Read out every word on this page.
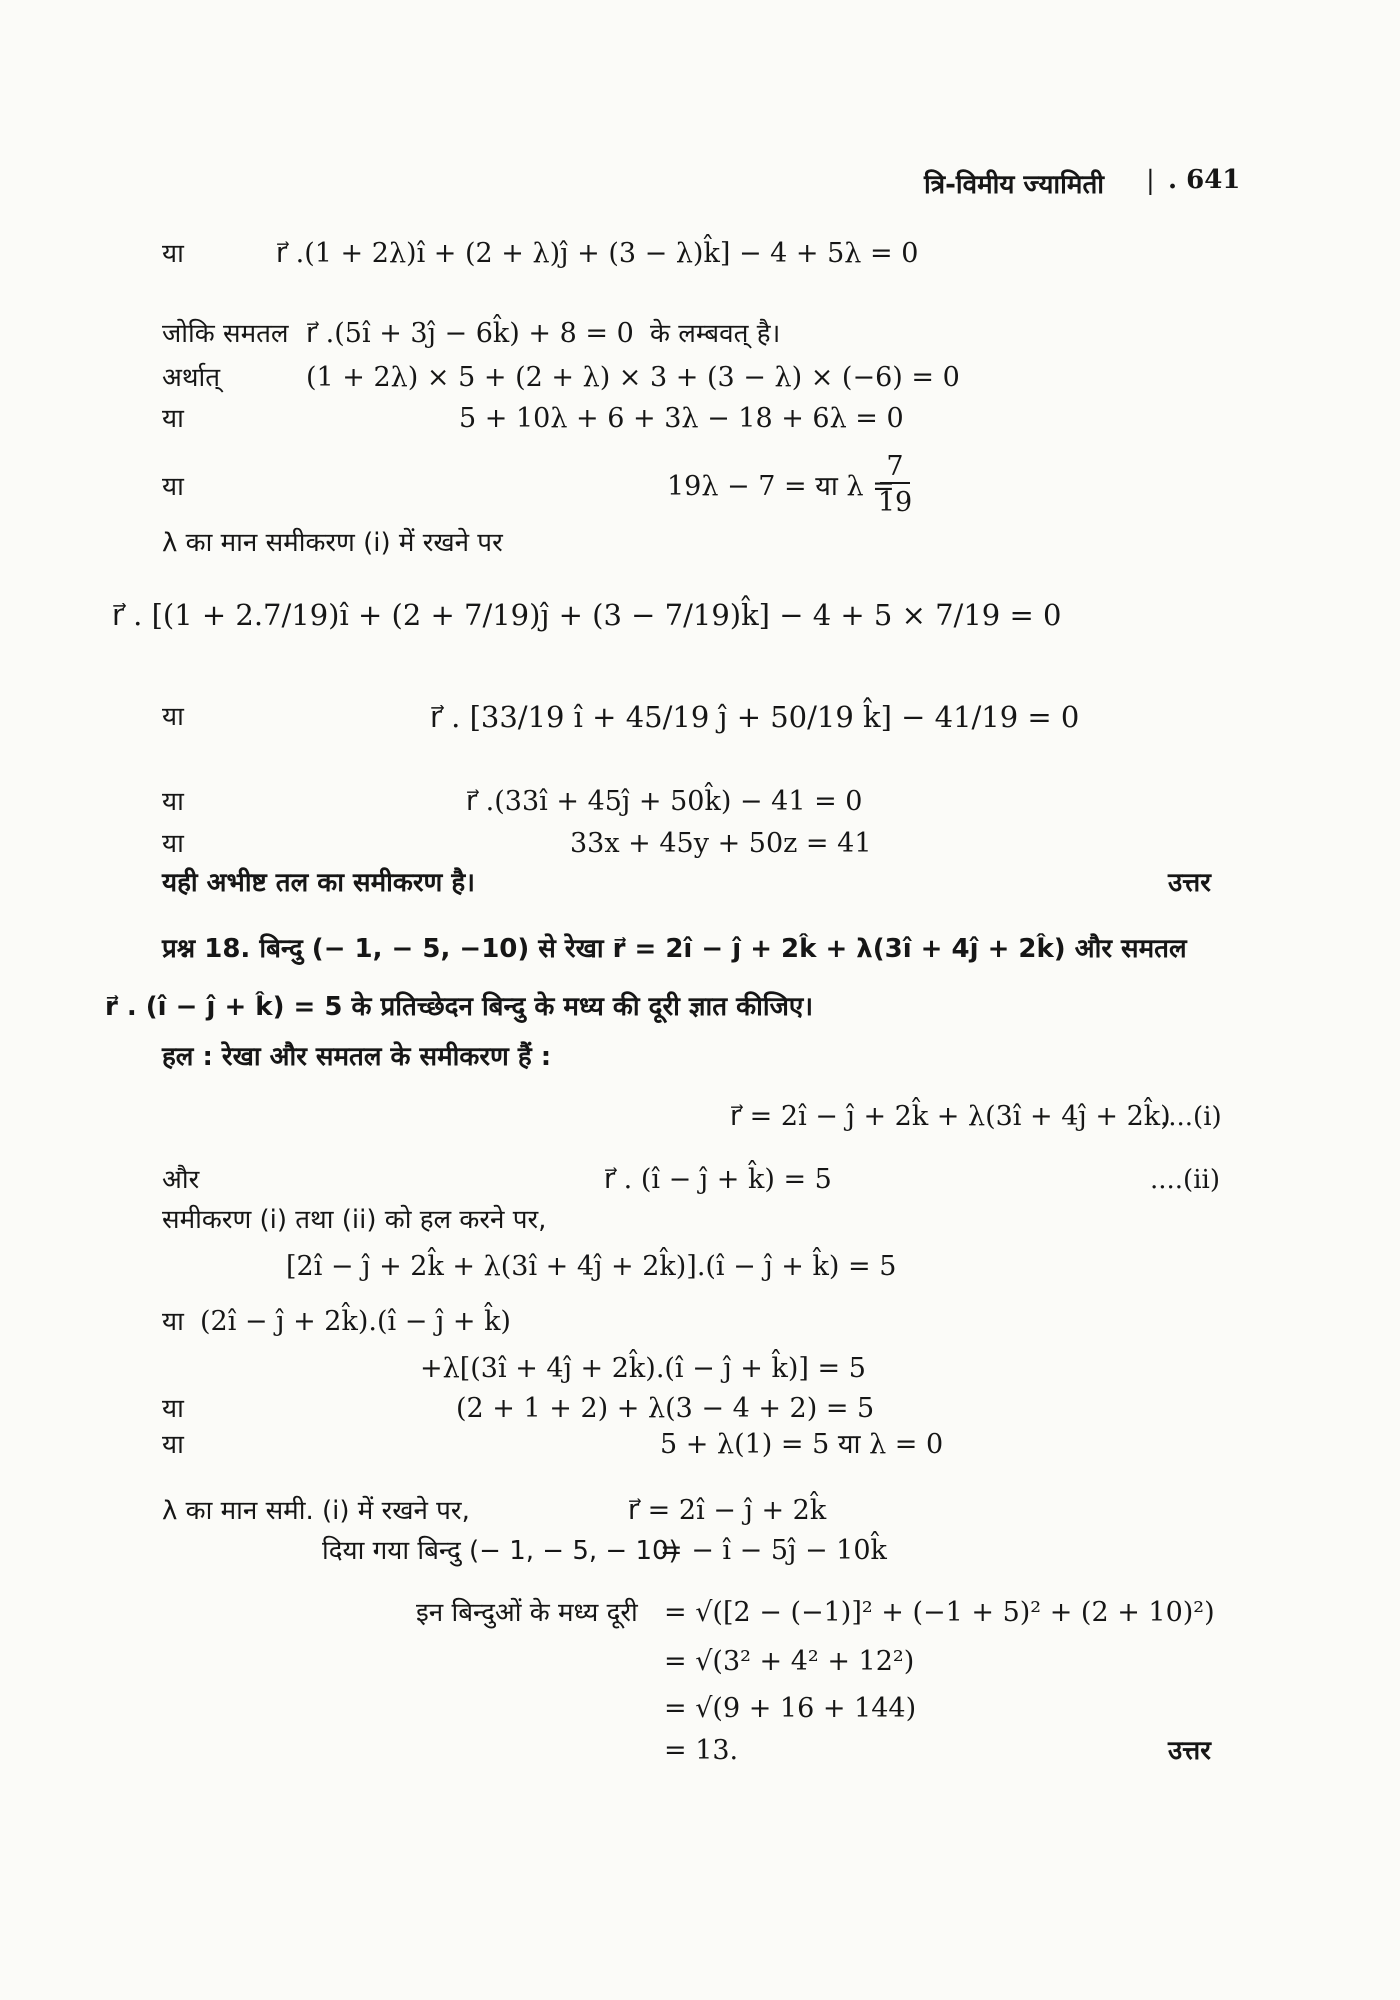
त्रि-विमीय ज्यामिती | . 641
या	r⃗ .(1 + 2λ)î + (2 + λ)ĵ + (3 − λ)k̂] − 4 + 5λ = 0
जोकि समतल r⃗ .(5î + 3ĵ − 6k̂) + 8 = 0 के लम्बवत् है।
अर्थात्	(1 + 2λ) × 5 + (2 + λ) × 3 + (3 − λ) × (−6) = 0
या	5 + 10λ + 6 + 3λ − 18 + 6λ = 0
या	19λ − 7 = या λ =
7
19
λ का मान समीकरण (i) में रखने पर
r⃗ . [(1 + 2.7/19)î + (2 + 7/19)ĵ + (3 − 7/19)k̂] − 4 + 5 × 7/19 = 0
या	r⃗ . [33/19 î + 45/19 ĵ + 50/19 k̂] − 41/19 = 0
या	r⃗ .(33î + 45ĵ + 50k̂) − 41 = 0
या	33x + 45y + 50z = 41
यही अभीष्ट तल का समीकरण है।	उत्तर
प्रश्न 18. बिन्दु (− 1, − 5, −10) से रेखा r⃗ = 2î − ĵ + 2k̂ + λ(3î + 4ĵ + 2k̂) और समतल
r⃗ . (î − ĵ + k̂) = 5 के प्रतिच्छेदन बिन्दु के मध्य की दूरी ज्ञात कीजिए।
हल : रेखा और समतल के समीकरण हैं :
r⃗ = 2î − ĵ + 2k̂ + λ(3î + 4ĵ + 2k̂)
....(i)
और	r⃗ . (î − ĵ + k̂) = 5	....(ii)
समीकरण (i) तथा (ii) को हल करने पर,
[2î − ĵ + 2k̂ + λ(3î + 4ĵ + 2k̂)].(î − ĵ + k̂) = 5
या (2î − ĵ + 2k̂).(î − ĵ + k̂)
+λ[(3î + 4ĵ + 2k̂).(î − ĵ + k̂)] = 5
या	(2 + 1 + 2) + λ(3 − 4 + 2) = 5
या	5 + λ(1) = 5 या λ = 0
λ का मान समी. (i) में रखने पर,	r⃗ = 2î − ĵ + 2k̂
दिया गया बिन्दु (− 1, − 5, − 10)
= − î − 5ĵ − 10k̂
इन बिन्दुओं के मध्य दूरी = √([2 − (−1)]² + (−1 + 5)² + (2 + 10)²)
= √(3² + 4² + 12²)
= √(9 + 16 + 144)
= 13.	उत्तर
